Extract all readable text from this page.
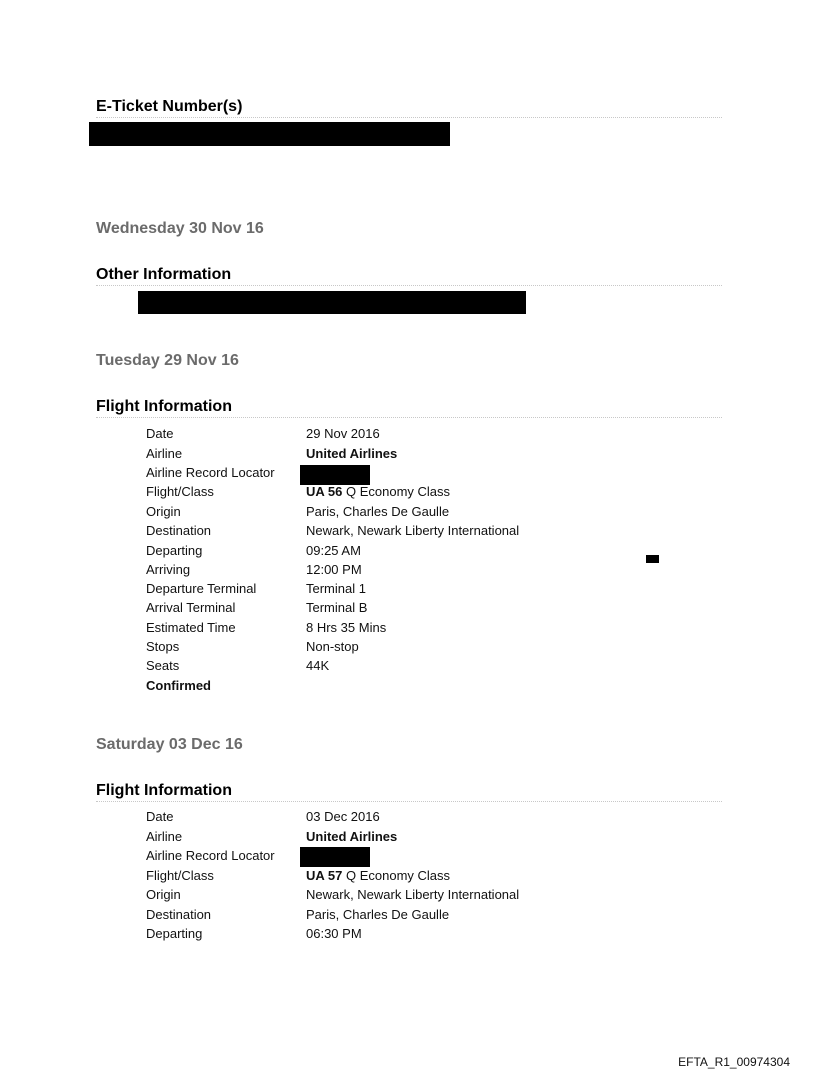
E-Ticket Number(s)
Wednesday 30 Nov 16
Other Information
Tuesday 29 Nov 16
Flight Information
Date	29 Nov 2016
Airline	United Airlines
Airline Record Locator
Flight/Class	UA 56 Q Economy Class
Origin	Paris, Charles De Gaulle
Destination	Newark, Newark Liberty International
Departing	09:25 AM
Arriving	12:00 PM
Departure Terminal	Terminal 1
Arrival Terminal	Terminal B
Estimated Time	8 Hrs 35 Mins
Stops	Non-stop
Seats	44K
Confirmed
Saturday 03 Dec 16
Flight Information
Date	03 Dec 2016
Airline	United Airlines
Airline Record Locator
Flight/Class	UA 57 Q Economy Class
Origin	Newark, Newark Liberty International
Destination	Paris, Charles De Gaulle
Departing	06:30 PM
EFTA_R1_00974304
